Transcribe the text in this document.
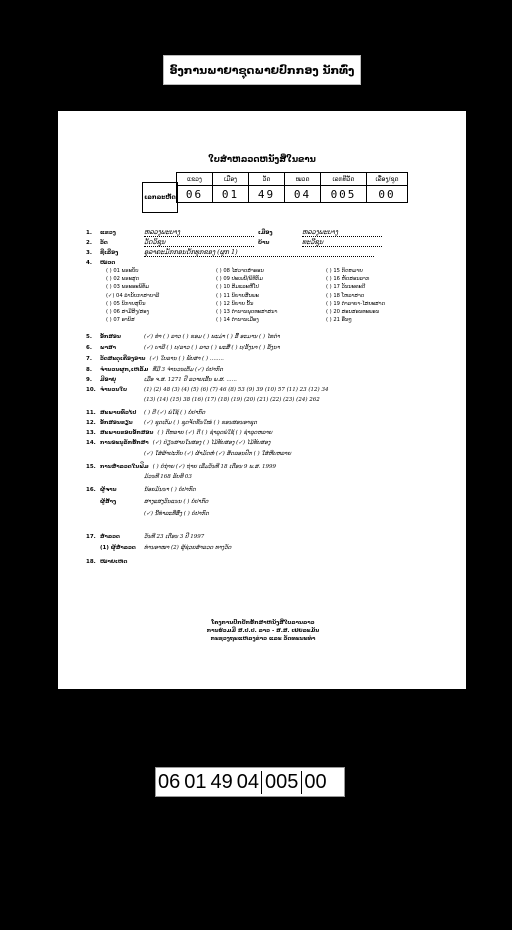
ອົງການພາຍາຊຸດພາຍປົກກອງ ນັກທົ່ງ
ໃບສຳຫລວດຫນັງສືໃນຂານ
ເລກລະຫັດ
ແຂວງ	ເມືອງ	ວັດ	ໝວດ	ເລກທີວັດ	ເລື່ອງ/ຊຸດ
06	01	49	04	005	00
1.	ແຂວງ	ຫລວງພະບາງ	ເມືອງ	ຫລວງພະບາງ
2.	ວັດ	ວັດວິຊຸນ	ບ້ານ	ທະວີຊຸນ
3.	ຊື່ເລື່ອງ	ອຸລາຄະມັກກອນດັກທຸກຂອງ (ຜູກ 1)
4.	ໝວດ
( ) 01 ພຣະບັບ	( ) 08 ໄສວາດສຳອອນ	( ) 15 ກິດຫມາຍ
( ) 02 ພຣະສູດ	( ) 09 ປະເພນີ/ພິທີກັມ	( ) 16 ຫັດສອນລາກ
( ) 03 ພຣະອະພິທັມ	( ) 10 ສິມແລະຫີ່ໂປ	( ) 17 ວັນນະຄະດີ
(✓) 04 ລຳນັບກາສາບາລີ	( ) 11 ນິຍາຍສີ່ນພະ	( ) 18 ໂຫລາສາດ
( ) 05 ນິກາຍສຸຍົນ	( ) 12 ນິຍາຍ ນັ້ນ	( ) 19 ຕຳລາຍາ-ໄສຍະສາດ
( ) 06 ສາມີສິງ/ສອງ	( ) 13 ຕຳນານພຸດທະສາສນາ	( ) 20 ສອນສອນທະພອນ
( ) 07 ອານິສ	( ) 14 ຕຳນານເມືອງ	( ) 21 ອື່ນໆ
5.	ອັກສອນ	(✓) ທຳ ( ) ລາວ ( ) ຂອມ ( ) ພະມ່າ ( ) ລື້ ອະມານ ( ) ໄທດຳ
6.	ພາສາ	(✓) ບາລີ ( ) ບ/ລາວ ( ) ລາວ ( ) ພະສີ່ ( ) ບ/ລັ້ງນາ ( ) ລັ້ງນາ
7.	ວັດສະດຸເຄື່ອງອານ (✓) ໃບລານ ( ) ພັບສາ ( ) ........
8.	ຈຳນວນຜູກ,ເຫລັ້ມ ທີ່ມີ 3 ຈຳນວນເຕັ້ມ (✓) ບໍ່ປາກົດ
9.	ມີອາຍຸ	ເມື່ອ ຈ.ສ. 1271 ປີ ລວາຍເລີ້ນ ພ.ສ. ......
10. ຈຳນວນໃບ	(1) (2) 48 (3) (4) (5) (6) (7) 46 (8) 53 (9) 39 (10) 57 (11) 23 (12) 34
(13) (14) (15) 38 (16) (17) (18) (19) (20) (21) (22) (23) (24) 262
11. ສະພາບທົ່ວໄປ	( ) ດີ (✓) ພໍໃຊ້ ( ) ບໍ່ປາກົດ
12. ອັກສອນຂຽນ	(✓) ຊຸດເຕັມ ( ) ຊຸດຈັດຂັ້ນໃໝ່ ( ) ຂອນສອນອາຊຸດ
13. ສະພາບຂອບອັກສອນ ( ) ດີຫລາຍ (✓) ດີ ( ) ຊຳລຸດພໍໃຊ້ ( ) ຊຳລຸດຫລາຍ
14. ການອະນຸລັກຮັກສາ (✓) ປ່ຽນສາຍໃນສອງ ( ) ໄມ້ທັບສອງ (✓) ໄມ້ທັບສອງ
(✓) ໃສ່ຜ້າປະກັບ (✓) ຜ້າມັດຫໍ່ (✓) ສັດລອນປົກ ( ) ໃສ່ຫີບຫລາຍ
15. ການສຳລວດໃນຟິມ ( ) ບໍ່ຖ່າຍ (✓) ຖ່າຍ ເລີ່ມວັນທີ 18 ເດືອນ 9 ພ.ສ. 1999
ມ້ວນທີ 168 ລັບທີ 03
16. ຜູ້ຈານ	ນ້ອຍມັນນາ ( ) ບໍ່ປາກົດ
ຜູ້ສ້າງ	ສາງແສງວິນແນນ ( ) ບໍ່ປາກົດ
(✓) ນີ້ທຳລະທີ່ສົ່ງ ( ) ບໍ່ປາກົດ
17. ສຳລວດ	ວັນທີ 23 ເດືອນ 3 ປີ 1997
(1) ຜູ້ສຳລວດ	ທ່ານອາໜາ (2) ຜູ້ຊ່ວຍສຳລວດ ທາງວັດ
18. ໝາຍເຫດ
ໂຄງການປົກປັກຮັກສາຫນັງສືໃບລານລາວ
ການຮ່ວມມື ສ.ປ.ປ. ລາວ - ສ.ສ. ເຢຍລະມັນ
ກະຊວງຖະແຫລງຂ່າວ ແລະ ວັດທະນະທຳ
06 01 49 04 005 00
